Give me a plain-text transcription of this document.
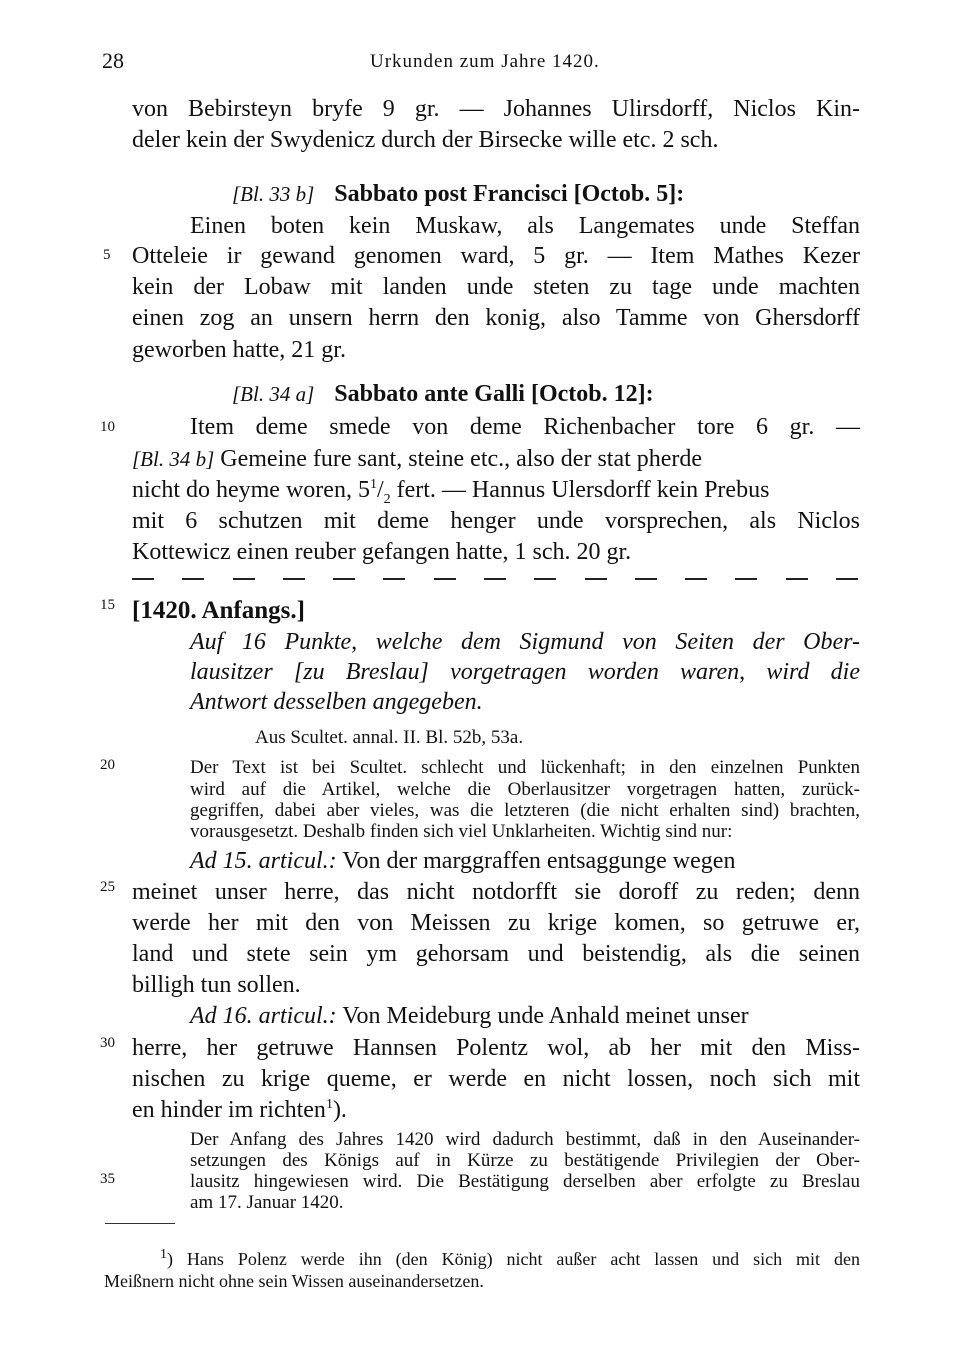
28	Urkunden zum Jahre 1420.
5
10
15
20
25
30
35
von Bebirsteyn bryfe 9 gr. — Johannes Ulirsdorff, Niclos Kin-
deler kein der Swydenicz durch der Birsecke wille etc. 2 sch.
[Bl. 33 b] Sabbato post Francisci [Octob. 5]:
Einen boten kein Muskaw, als Langemates unde Steffan
Otteleie ir gewand genomen ward, 5 gr. — Item Mathes Kezer
kein der Lobaw mit landen unde steten zu tage unde machten
einen zog an unsern herrn den konig, also Tamme von Ghersdorff
geworben hatte, 21 gr.
[Bl. 34 a] Sabbato ante Galli [Octob. 12]:
Item deme smede von deme Richenbacher tore 6 gr. —
[Bl. 34 b] Gemeine fure sant, steine etc., also der stat pherde
nicht do heyme woren, $5^1/_2$ fert. — Hannus Ulersdorff kein Prebus
mit 6 schutzen mit deme henger unde vorsprechen, als Niclos
Kottewicz einen reuber gefangen hatte, 1 sch. 20 gr.
[1420. Anfangs.]
Auf 16 Punkte, welche dem Sigmund von Seiten der Ober-
lausitzer [zu Breslau] vorgetragen worden waren, wird die
Antwort desselben angegeben.
Aus Scultet. annal. II. Bl. 52b, 53a.
Der Text ist bei Scultet. schlecht und lückenhaft; in den einzelnen Punkten
wird auf die Artikel, welche die Oberlausitzer vorgetragen hatten, zurück-
gegriffen, dabei aber vieles, was die letzteren (die nicht erhalten sind) brachten,
vorausgesetzt. Deshalb finden sich viel Unklarheiten. Wichtig sind nur:
Ad 15. articul.: Von der marggraffen entsaggunge wegen
meinet unser herre, das nicht notdorfft sie doroff zu reden; denn
werde her mit den von Meissen zu krige komen, so getruwe er,
land und stete sein ym gehorsam und beistendig, als die seinen
billigh tun sollen.
Ad 16. articul.: Von Meideburg unde Anhald meinet unser
herre, her getruwe Hannsen Polentz wol, ab her mit den Miss-
nischen zu krige queme, er werde en nicht lossen, noch sich mit
en hinder im richten$^1$).
Der Anfang des Jahres 1420 wird dadurch bestimmt, daß in den Auseinander-
setzungen des Königs auf in Kürze zu bestätigende Privilegien der Ober-
lausitz hingewiesen wird. Die Bestätigung derselben aber erfolgte zu Breslau
am 17. Januar 1420.
$^1$) Hans Polenz werde ihn (den König) nicht außer acht lassen und sich mit den
Meißnern nicht ohne sein Wissen auseinandersetzen.
